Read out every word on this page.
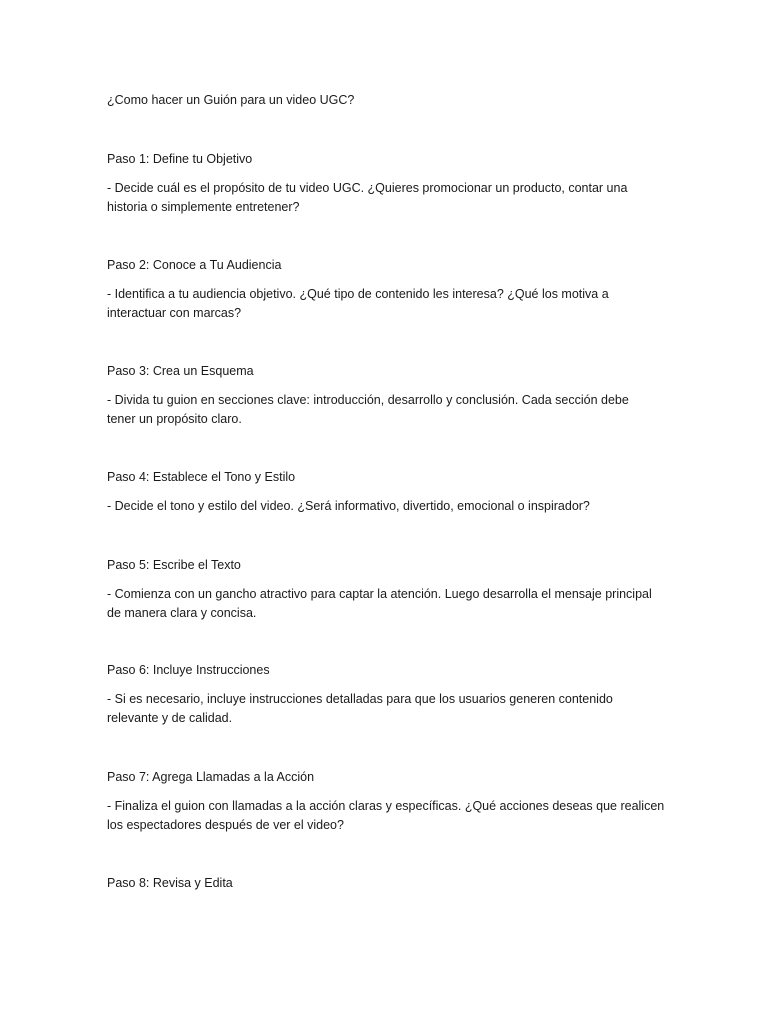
¿Como hacer un Guión para un video UGC?
Paso 1: Define tu Objetivo
- Decide cuál es el propósito de tu video UGC. ¿Quieres promocionar un producto, contar una
historia o simplemente entretener?
Paso 2: Conoce a Tu Audiencia
- Identifica a tu audiencia objetivo. ¿Qué tipo de contenido les interesa? ¿Qué los motiva a
interactuar con marcas?
Paso 3: Crea un Esquema
- Divida tu guion en secciones clave: introducción, desarrollo y conclusión. Cada sección debe
tener un propósito claro.
Paso 4: Establece el Tono y Estilo
- Decide el tono y estilo del video. ¿Será informativo, divertido, emocional o inspirador?
Paso 5: Escribe el Texto
- Comienza con un gancho atractivo para captar la atención. Luego desarrolla el mensaje principal
de manera clara y concisa.
Paso 6: Incluye Instrucciones
- Si es necesario, incluye instrucciones detalladas para que los usuarios generen contenido
relevante y de calidad.
Paso 7: Agrega Llamadas a la Acción
- Finaliza el guion con llamadas a la acción claras y específicas. ¿Qué acciones deseas que realicen
los espectadores después de ver el video?
Paso 8: Revisa y Edita
